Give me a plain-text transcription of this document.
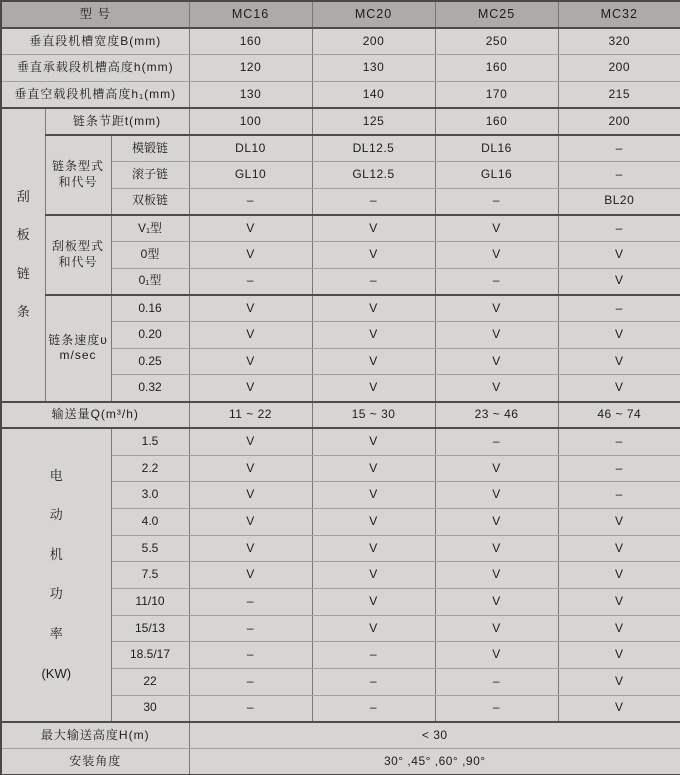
型 号			MC16	MC20	MC25	MC32
垂直段机槽宽度B(mm)			160	200	250	320
垂直承载段机槽高度h(mm)			120	130	160	200
垂直空载段机槽高度h₁(mm)			130	140	170	215

刮
板
链
条	链条节距t(mm)		100	125	160	200
	链条型式 和代号	模锻链	DL10	DL12.5	DL16	–
		滚子链	GL10	GL12.5	GL16	–
		双板链	–	–	–	BL20
	刮板型式 和代号	V₁型	V	V	V	–
		0型	V	V	V	V
		0₁型	–	–	–	V

	链条速度υ
m/sec	0.16	V	V	V	–
		0.20	V	V	V	V
		0.25	V	V	V	V
		0.32	V	V	V	V
输送量Q(m³/h)			11 ~ 22	15 ~ 30	23 ~ 46	46 ~ 74

电
动
机
功
率
(KW)
	1.5	V	V	–	–
		2.2	V	V	V	–
		3.0	V	V	V	–
		4.0	V	V	V	V
		5.5	V	V	V	V
		7.5	V	V	V	V
		11/10	–	V	V	V
		15/13	–	V	V	V
		18.5/17	–	–	V	V
		22	–	–	–	V
		30	–	–	–	V
最大输送高度H(m)			< 30			
安装角度			30° ,45° ,60° ,90°			
